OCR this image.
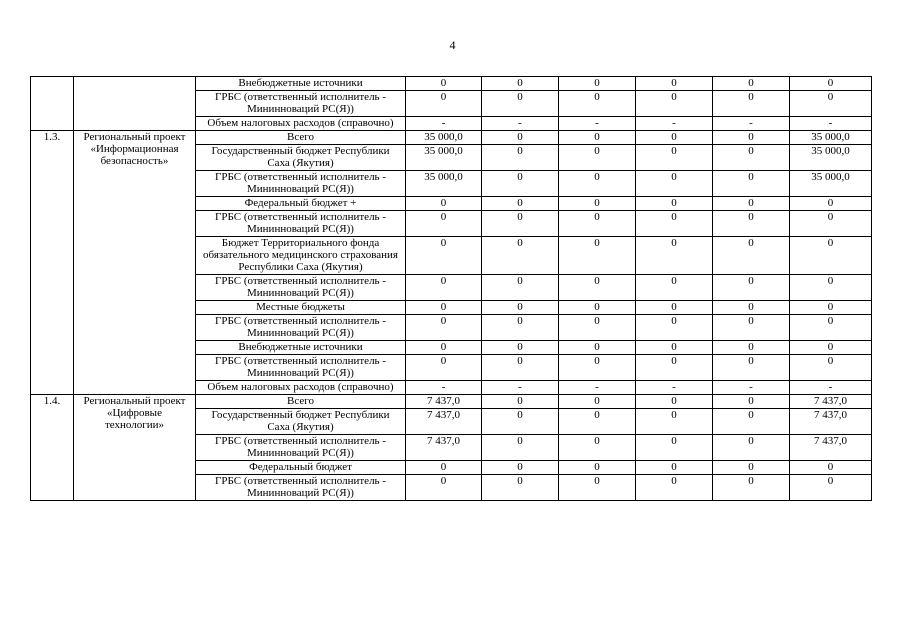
4
		Внебюджетные источники	0	0	0	0	0	0
		ГРБС (ответственный исполнитель - Мининноваций РС(Я))	0	0	0	0	0	0
		Объем налоговых расходов (справочно)	-	-	-	-	-	-
1.3.	Региональный проект «Информационная безопасность»	Всего	35 000,0	0	0	0	0	35 000,0
		Государственный бюджет Республики Саха (Якутия)	35 000,0	0	0	0	0	35 000,0
		ГРБС (ответственный исполнитель - Мининноваций РС(Я))	35 000,0	0	0	0	0	35 000,0
		Федеральный бюджет +	0	0	0	0	0	0
		ГРБС (ответственный исполнитель - Мининноваций РС(Я))	0	0	0	0	0	0
		Бюджет Территориального фонда обязательного медицинского страхования Республики Саха (Якутия)	0	0	0	0	0	0
		ГРБС (ответственный исполнитель - Мининноваций РС(Я))	0	0	0	0	0	0
		Местные бюджеты	0	0	0	0	0	0
		ГРБС (ответственный исполнитель - Мининноваций РС(Я))	0	0	0	0	0	0
		Внебюджетные источники	0	0	0	0	0	0
		ГРБС (ответственный исполнитель - Мининноваций РС(Я))	0	0	0	0	0	0
		Объем налоговых расходов (справочно)	-	-	-	-	-	-
1.4.	Региональный проект «Цифровые технологии»	Всего	7 437,0	0	0	0	0	7 437,0
		Государственный бюджет Республики Саха (Якутия)	7 437,0	0	0	0	0	7 437,0
		ГРБС (ответственный исполнитель - Мининноваций РС(Я))	7 437,0	0	0	0	0	7 437,0
		Федеральный бюджет	0	0	0	0	0	0
		ГРБС (ответственный исполнитель - Мининноваций РС(Я))	0	0	0	0	0	0
